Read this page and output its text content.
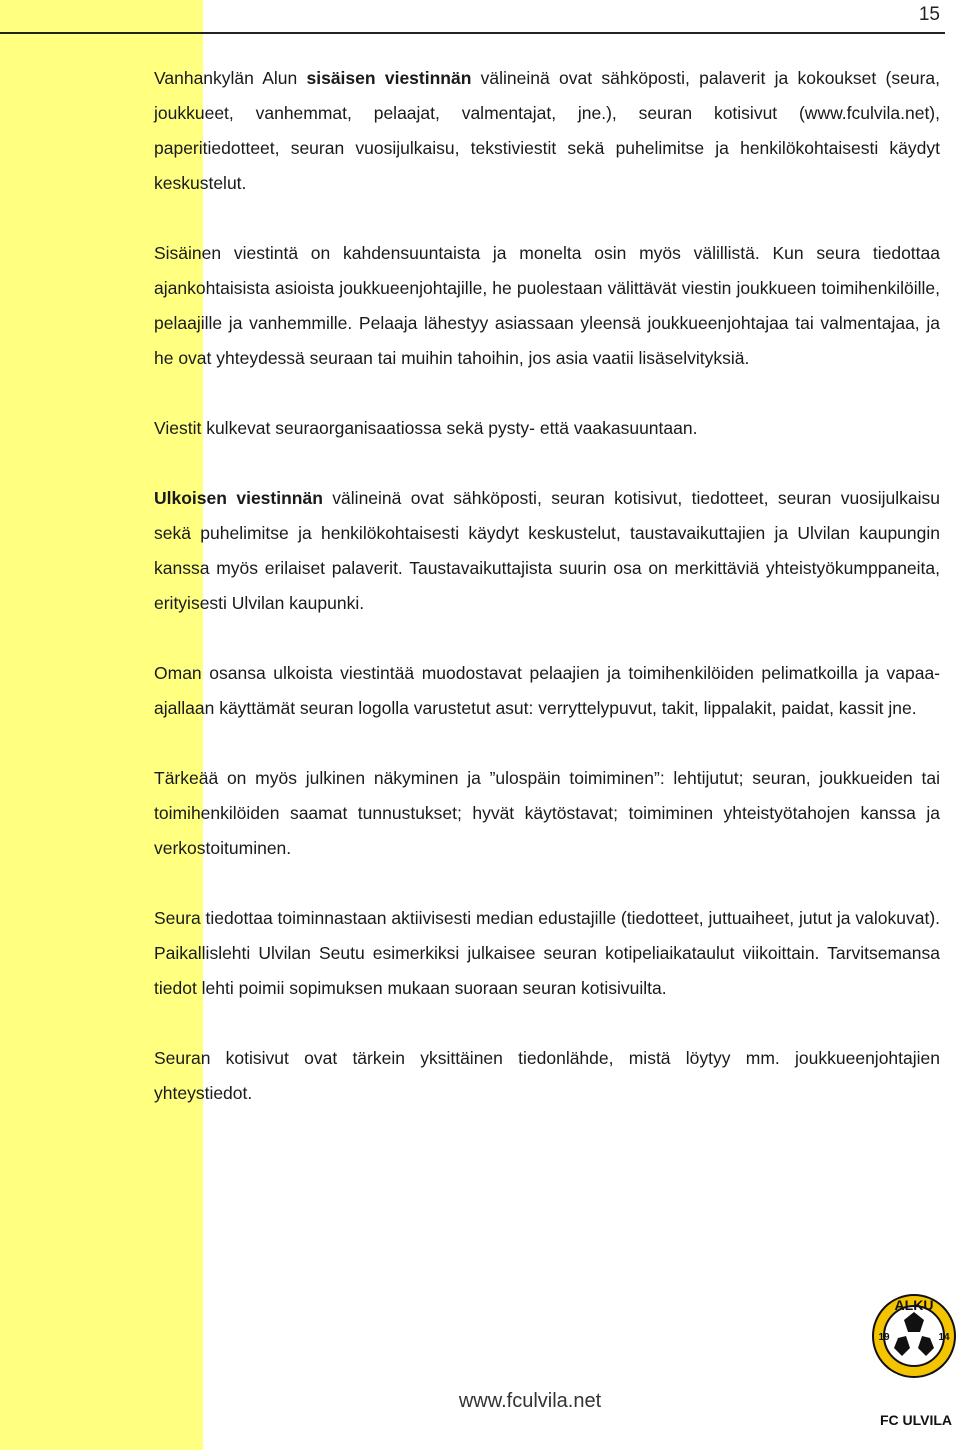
15

Vanhankylän Alun sisäisen viestinnän välineinä ovat sähköposti, palaverit ja kokoukset (seura, joukkueet, vanhemmat, pelaajat, valmentajat, jne.), seuran kotisivut (www.fculvila.net), paperitiedotteet, seuran vuosijulkaisu, tekstiviestit sekä puhelimitse ja henkilökohtaisesti käydyt keskustelut.

Sisäinen viestintä on kahdensuuntaista ja monelta osin myös välillistä. Kun seura tiedottaa ajankohtaisista asioista joukkueenjohtajille, he puolestaan välittävät viestin joukkueen toimihenkilöille, pelaajille ja vanhemmille. Pelaaja lähestyy asiassaan yleensä joukkueenjohtajaa tai valmentajaa, ja he ovat yhteydessä seuraan tai muihin tahoihin, jos asia vaatii lisäselvityksiä.

Viestit kulkevat seuraorganisaatiossa sekä pysty- että vaakasuuntaan.

Ulkoisen viestinnän välineinä ovat sähköposti, seuran kotisivut, tiedotteet, seuran vuosijulkaisu sekä puhelimitse ja henkilökohtaisesti käydyt keskustelut, taustavaikuttajien ja Ulvilan kaupungin kanssa myös erilaiset palaverit. Taustavaikuttajista suurin osa on merkittäviä yhteistyökumppaneita, erityisesti Ulvilan kaupunki.

Oman osansa ulkoista viestintää muodostavat pelaajien ja toimihenkilöiden pelimatkoilla ja vapaa-ajallaan käyttämät seuran logolla varustetut asut: verryttelypuvut, takit, lippalakit, paidat, kassit jne.

Tärkeää on myös julkinen näkyminen ja ”ulospäin toimiminen”: lehtijutut; seuran, joukkueiden tai toimihenkilöiden saamat tunnustukset; hyvät käytöstavat; toimiminen yhteistyötahojen kanssa ja verkostoituminen.

Seura tiedottaa toiminnastaan aktiivisesti median edustajille (tiedotteet, juttuaiheet, jutut ja valokuvat). Paikallislehti Ulvilan Seutu esimerkiksi julkaisee seuran kotipeliaikataulut viikoittain. Tarvitsemansa tiedot lehti poimii sopimuksen mukaan suoraan seuran kotisivuilta.

Seuran kotisivut ovat tärkein yksittäinen tiedonlähde, mistä löytyy mm. joukkueenjohtajien yhteystiedot.

www.fculvila.net
ALKU
19	14
FC ULVILA
